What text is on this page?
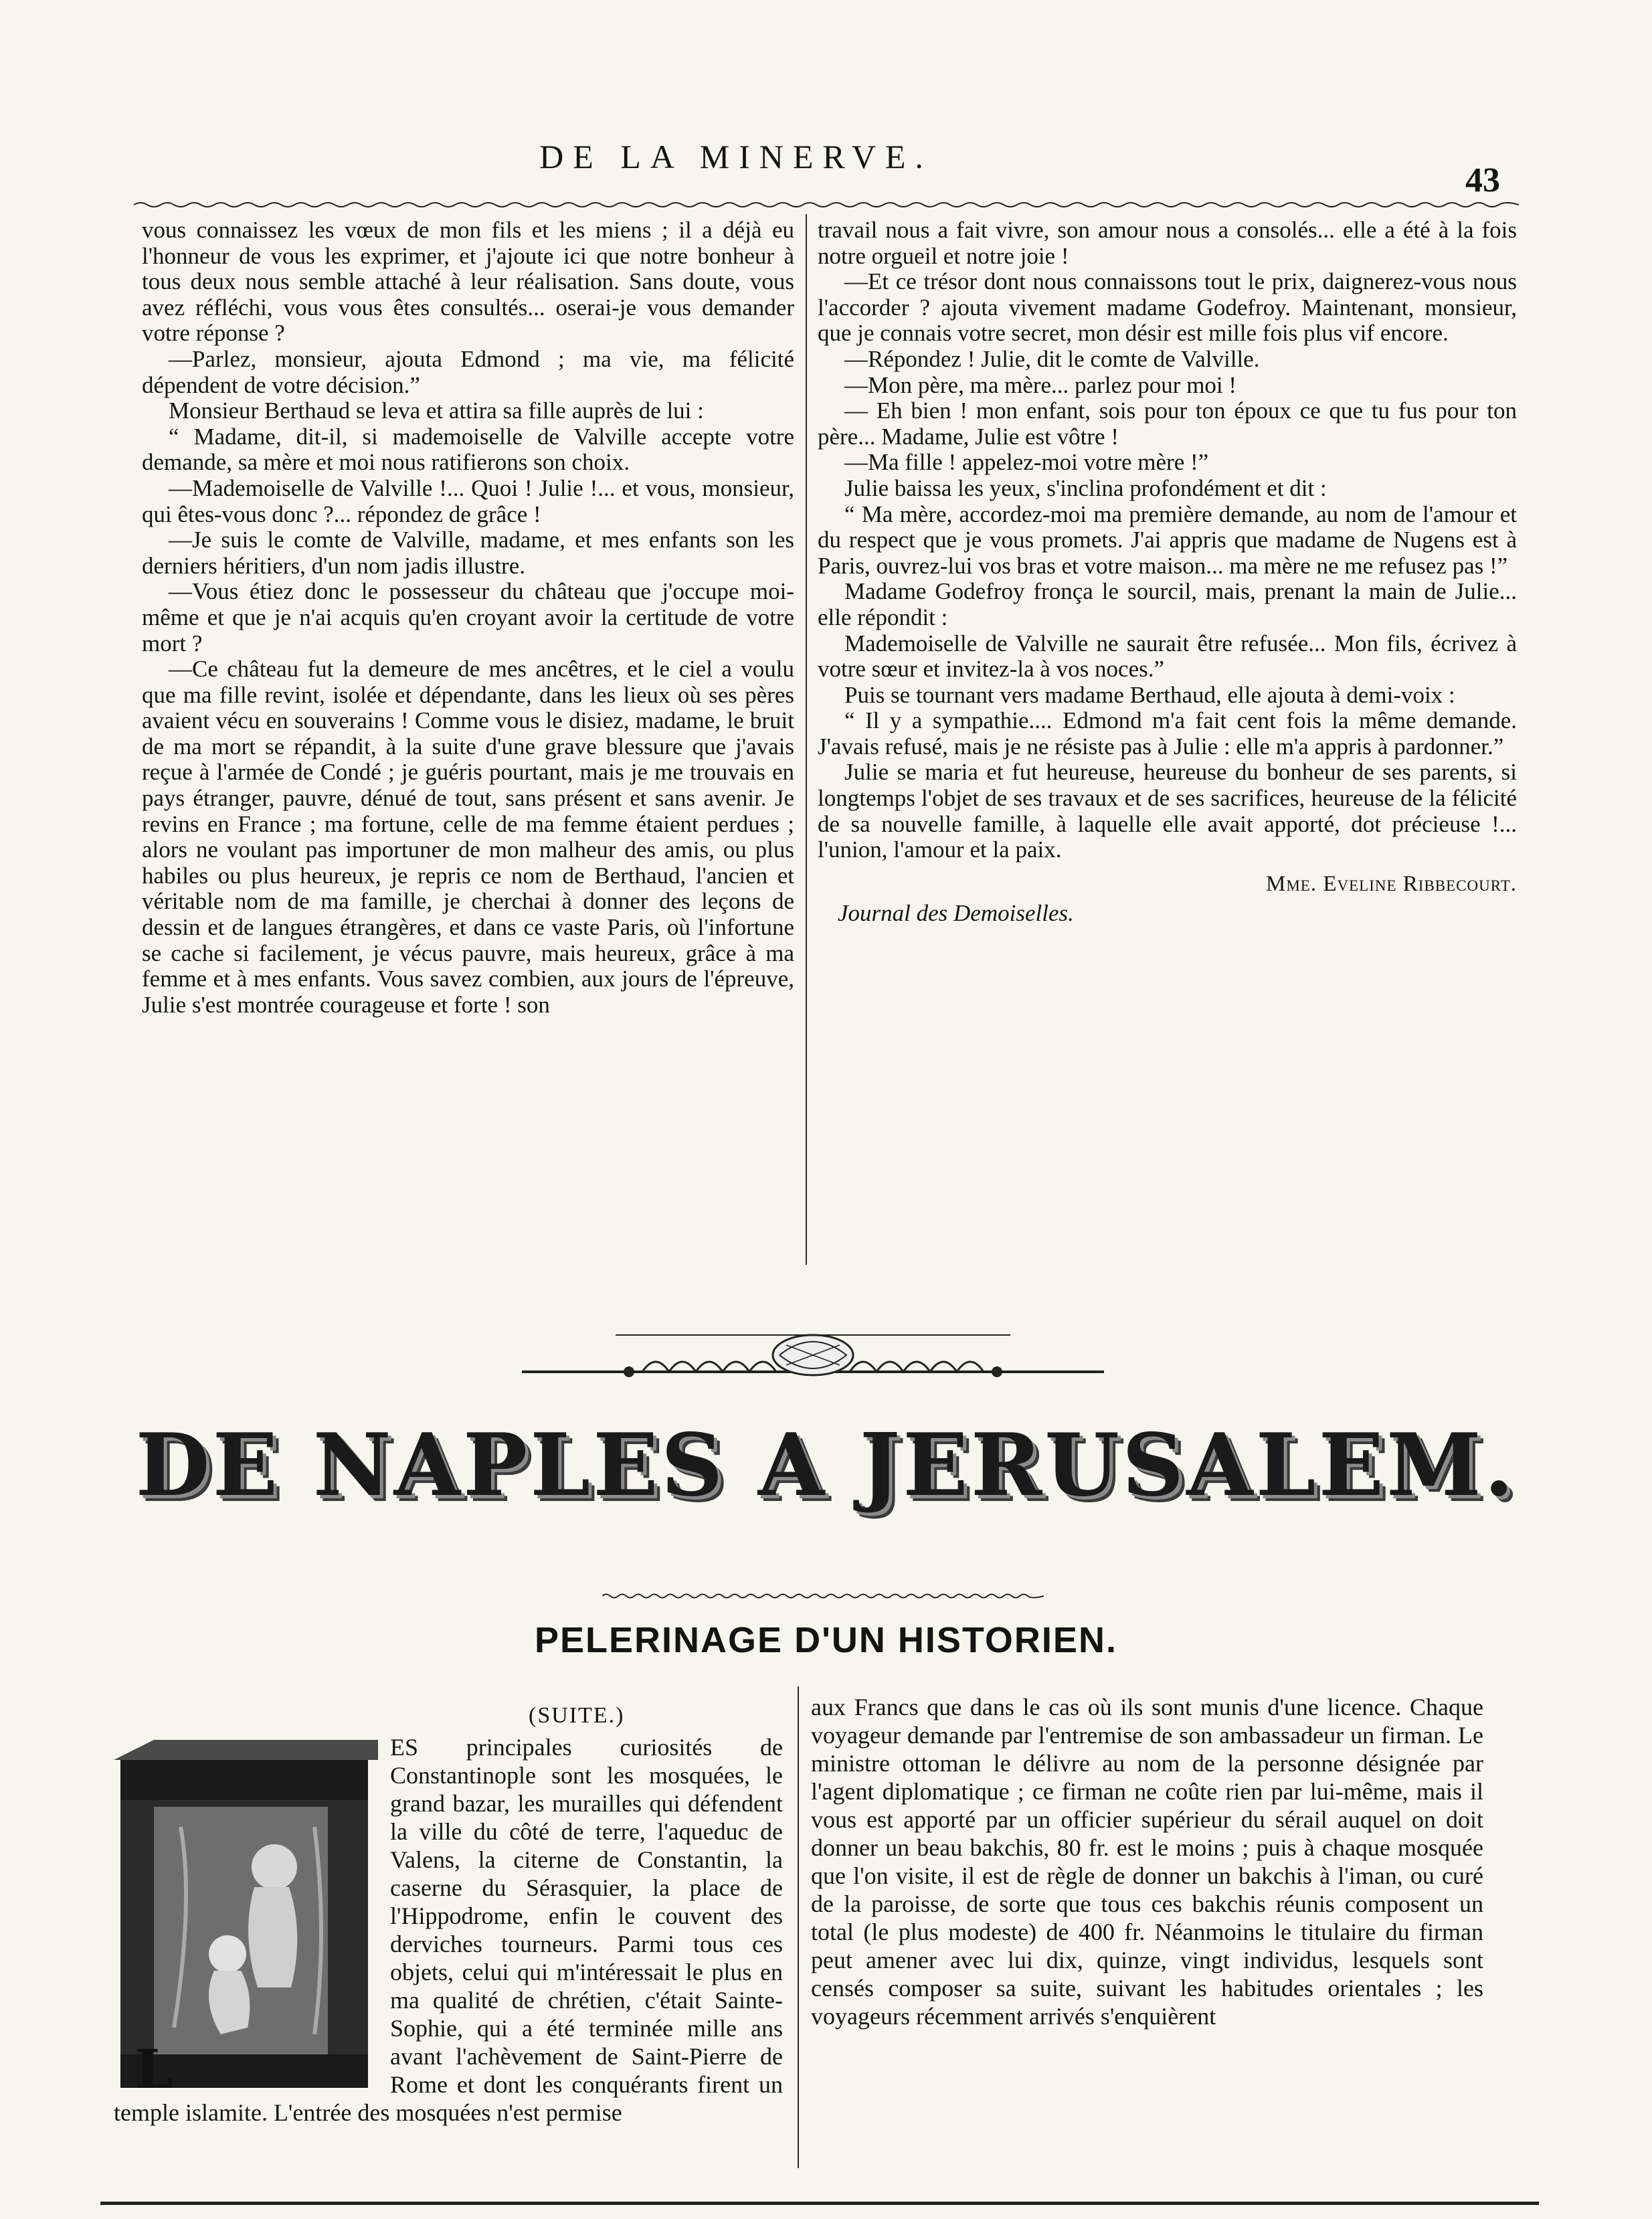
DE LA MINERVE.
43

vous connaissez les vœux de mon fils et les miens ; il a déjà eu l'honneur de vous les exprimer, et j'ajoute ici que notre bonheur à tous deux nous semble attaché à leur réalisation. Sans doute, vous avez réfléchi, vous vous êtes consultés... oserai-je vous demander votre réponse ?

—Parlez, monsieur, ajouta Edmond ; ma vie, ma félicité dépendent de votre décision.”

Monsieur Berthaud se leva et attira sa fille auprès de lui :

“ Madame, dit-il, si mademoiselle de Valville accepte votre demande, sa mère et moi nous ratifierons son choix.

—Mademoiselle de Valville !... Quoi ! Julie !... et vous, monsieur, qui êtes-vous donc ?... répondez de grâce !

—Je suis le comte de Valville, madame, et mes enfants son les derniers héritiers, d'un nom jadis illustre.

—Vous étiez donc le possesseur du château que j'occupe moi-même et que je n'ai acquis qu'en croyant avoir la certitude de votre mort ?

—Ce château fut la demeure de mes ancêtres, et le ciel a voulu que ma fille revint, isolée et dépendante, dans les lieux où ses pères avaient vécu en souverains ! Comme vous le disiez, madame, le bruit de ma mort se répandit, à la suite d'une grave blessure que j'avais reçue à l'armée de Condé ; je guéris pourtant, mais je me trouvais en pays étranger, pauvre, dénué de tout, sans présent et sans avenir. Je revins en France ; ma fortune, celle de ma femme étaient perdues ; alors ne voulant pas importuner de mon malheur des amis, ou plus habiles ou plus heureux, je repris ce nom de Berthaud, l'ancien et véritable nom de ma famille, je cherchai à donner des leçons de dessin et de langues étrangères, et dans ce vaste Paris, où l'infortune se cache si facilement, je vécus pauvre, mais heureux, grâce à ma femme et à mes enfants. Vous savez combien, aux jours de l'épreuve, Julie s'est montrée courageuse et forte ! son

travail nous a fait vivre, son amour nous a consolés... elle a été à la fois notre orgueil et notre joie !

—Et ce trésor dont nous connaissons tout le prix, daignerez-vous nous l'accorder ? ajouta vivement madame Godefroy. Maintenant, monsieur, que je connais votre secret, mon désir est mille fois plus vif encore.

—Répondez ! Julie, dit le comte de Valville.

—Mon père, ma mère... parlez pour moi !

— Eh bien ! mon enfant, sois pour ton époux ce que tu fus pour ton père... Madame, Julie est vôtre !

—Ma fille ! appelez-moi votre mère !”

Julie baissa les yeux, s'inclina profondément et dit :

“ Ma mère, accordez-moi ma première demande, au nom de l'amour et du respect que je vous promets. J'ai appris que madame de Nugens est à Paris, ouvrez-lui vos bras et votre maison... ma mère ne me refusez pas !”

Madame Godefroy fronça le sourcil, mais, prenant la main de Julie... elle répondit :

Mademoiselle de Valville ne saurait être refusée... Mon fils, écrivez à votre sœur et invitez-la à vos noces.”

Puis se tournant vers madame Berthaud, elle ajouta à demi-voix :

“ Il y a sympathie.... Edmond m'a fait cent fois la même demande. J'avais refusé, mais je ne résiste pas à Julie : elle m'a appris à pardonner.”

Julie se maria et fut heureuse, heureuse du bonheur de ses parents, si longtemps l'objet de ses travaux et de ses sacrifices, heureuse de la félicité de sa nouvelle famille, à laquelle elle avait apporté, dot précieuse !... l'union, l'amour et la paix.

Mme. Eveline Ribbecourt.
Journal des Demoiselles.
DE NAPLES A JERUSALEM.
PELERINAGE D'UN HISTORIEN.
(SUITE.)
L

ES principales curiosités de Constantinople sont les mosquées, le grand bazar, les murailles qui défendent la ville du côté de terre, l'aqueduc de Valens, la citerne de Constantin, la caserne du Sérasquier, la place de l'Hippodrome, enfin le couvent des derviches tourneurs. Parmi tous ces objets, celui qui m'intéressait le plus en ma qualité de chrétien, c'était Sainte-Sophie, qui a été terminée mille ans avant l'achèvement de Saint-Pierre de Rome et dont les conquérants firent un temple islamite. L'entrée des mosquées n'est permise

aux Francs que dans le cas où ils sont munis d'une licence. Chaque voyageur demande par l'entremise de son ambassadeur un firman. Le ministre ottoman le délivre au nom de la personne désignée par l'agent diplomatique ; ce firman ne coûte rien par lui-même, mais il vous est apporté par un officier supérieur du sérail auquel on doit donner un beau bakchis, 80 fr. est le moins ; puis à chaque mosquée que l'on visite, il est de règle de donner un bakchis à l'iman, ou curé de la paroisse, de sorte que tous ces bakchis réunis composent un total (le plus modeste) de 400 fr. Néanmoins le titulaire du firman peut amener avec lui dix, quinze, vingt individus, lesquels sont censés composer sa suite, suivant les habitudes orientales ; les voyageurs récemment arrivés s'enquièrent
